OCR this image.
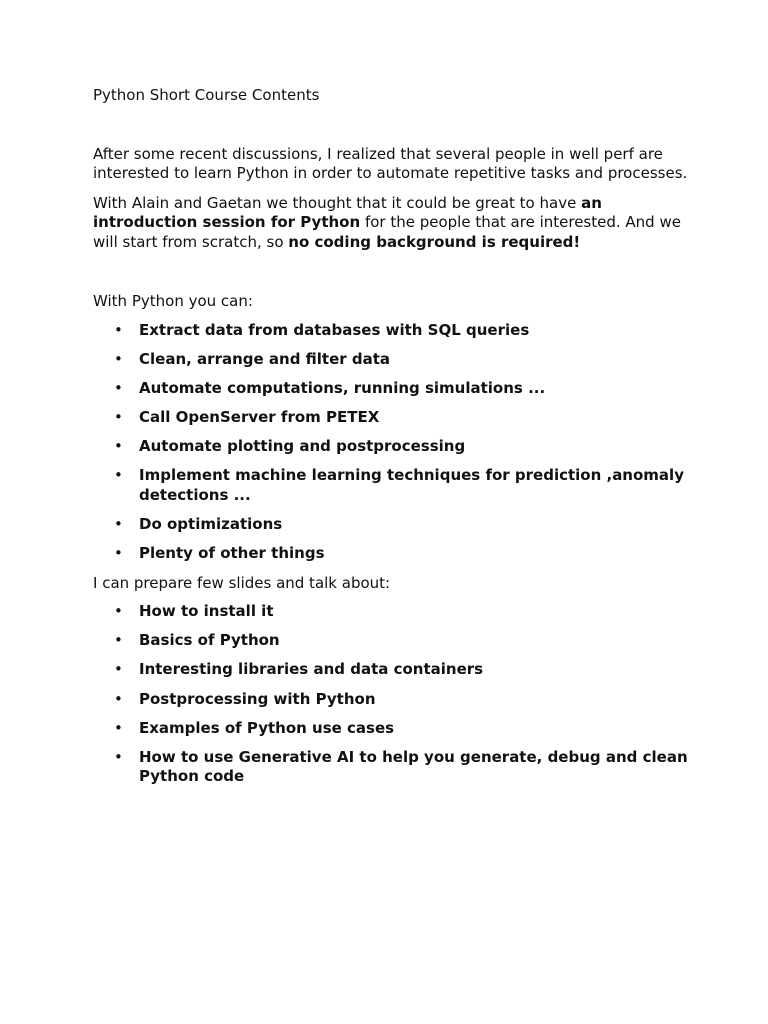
Python Short Course Contents

After some recent discussions, I realized that several people in well perf are interested to learn Python in order to automate repetitive tasks and processes.

With Alain and Gaetan we thought that it could be great to have an introduction session for Python for the people that are interested. And we will start from scratch, so no coding background is required!

With Python you can:

• Extract data from databases with SQL queries
• Clean, arrange and filter data
• Automate computations, running simulations ...
• Call OpenServer from PETEX
• Automate plotting and postprocessing
• Implement machine learning techniques for prediction ,anomaly detections ...
• Do optimizations
• Plenty of other things

I can prepare few slides and talk about:

• How to install it
• Basics of Python
• Interesting libraries and data containers
• Postprocessing with Python
• Examples of Python use cases
• How to use Generative AI to help you generate, debug and clean Python code
